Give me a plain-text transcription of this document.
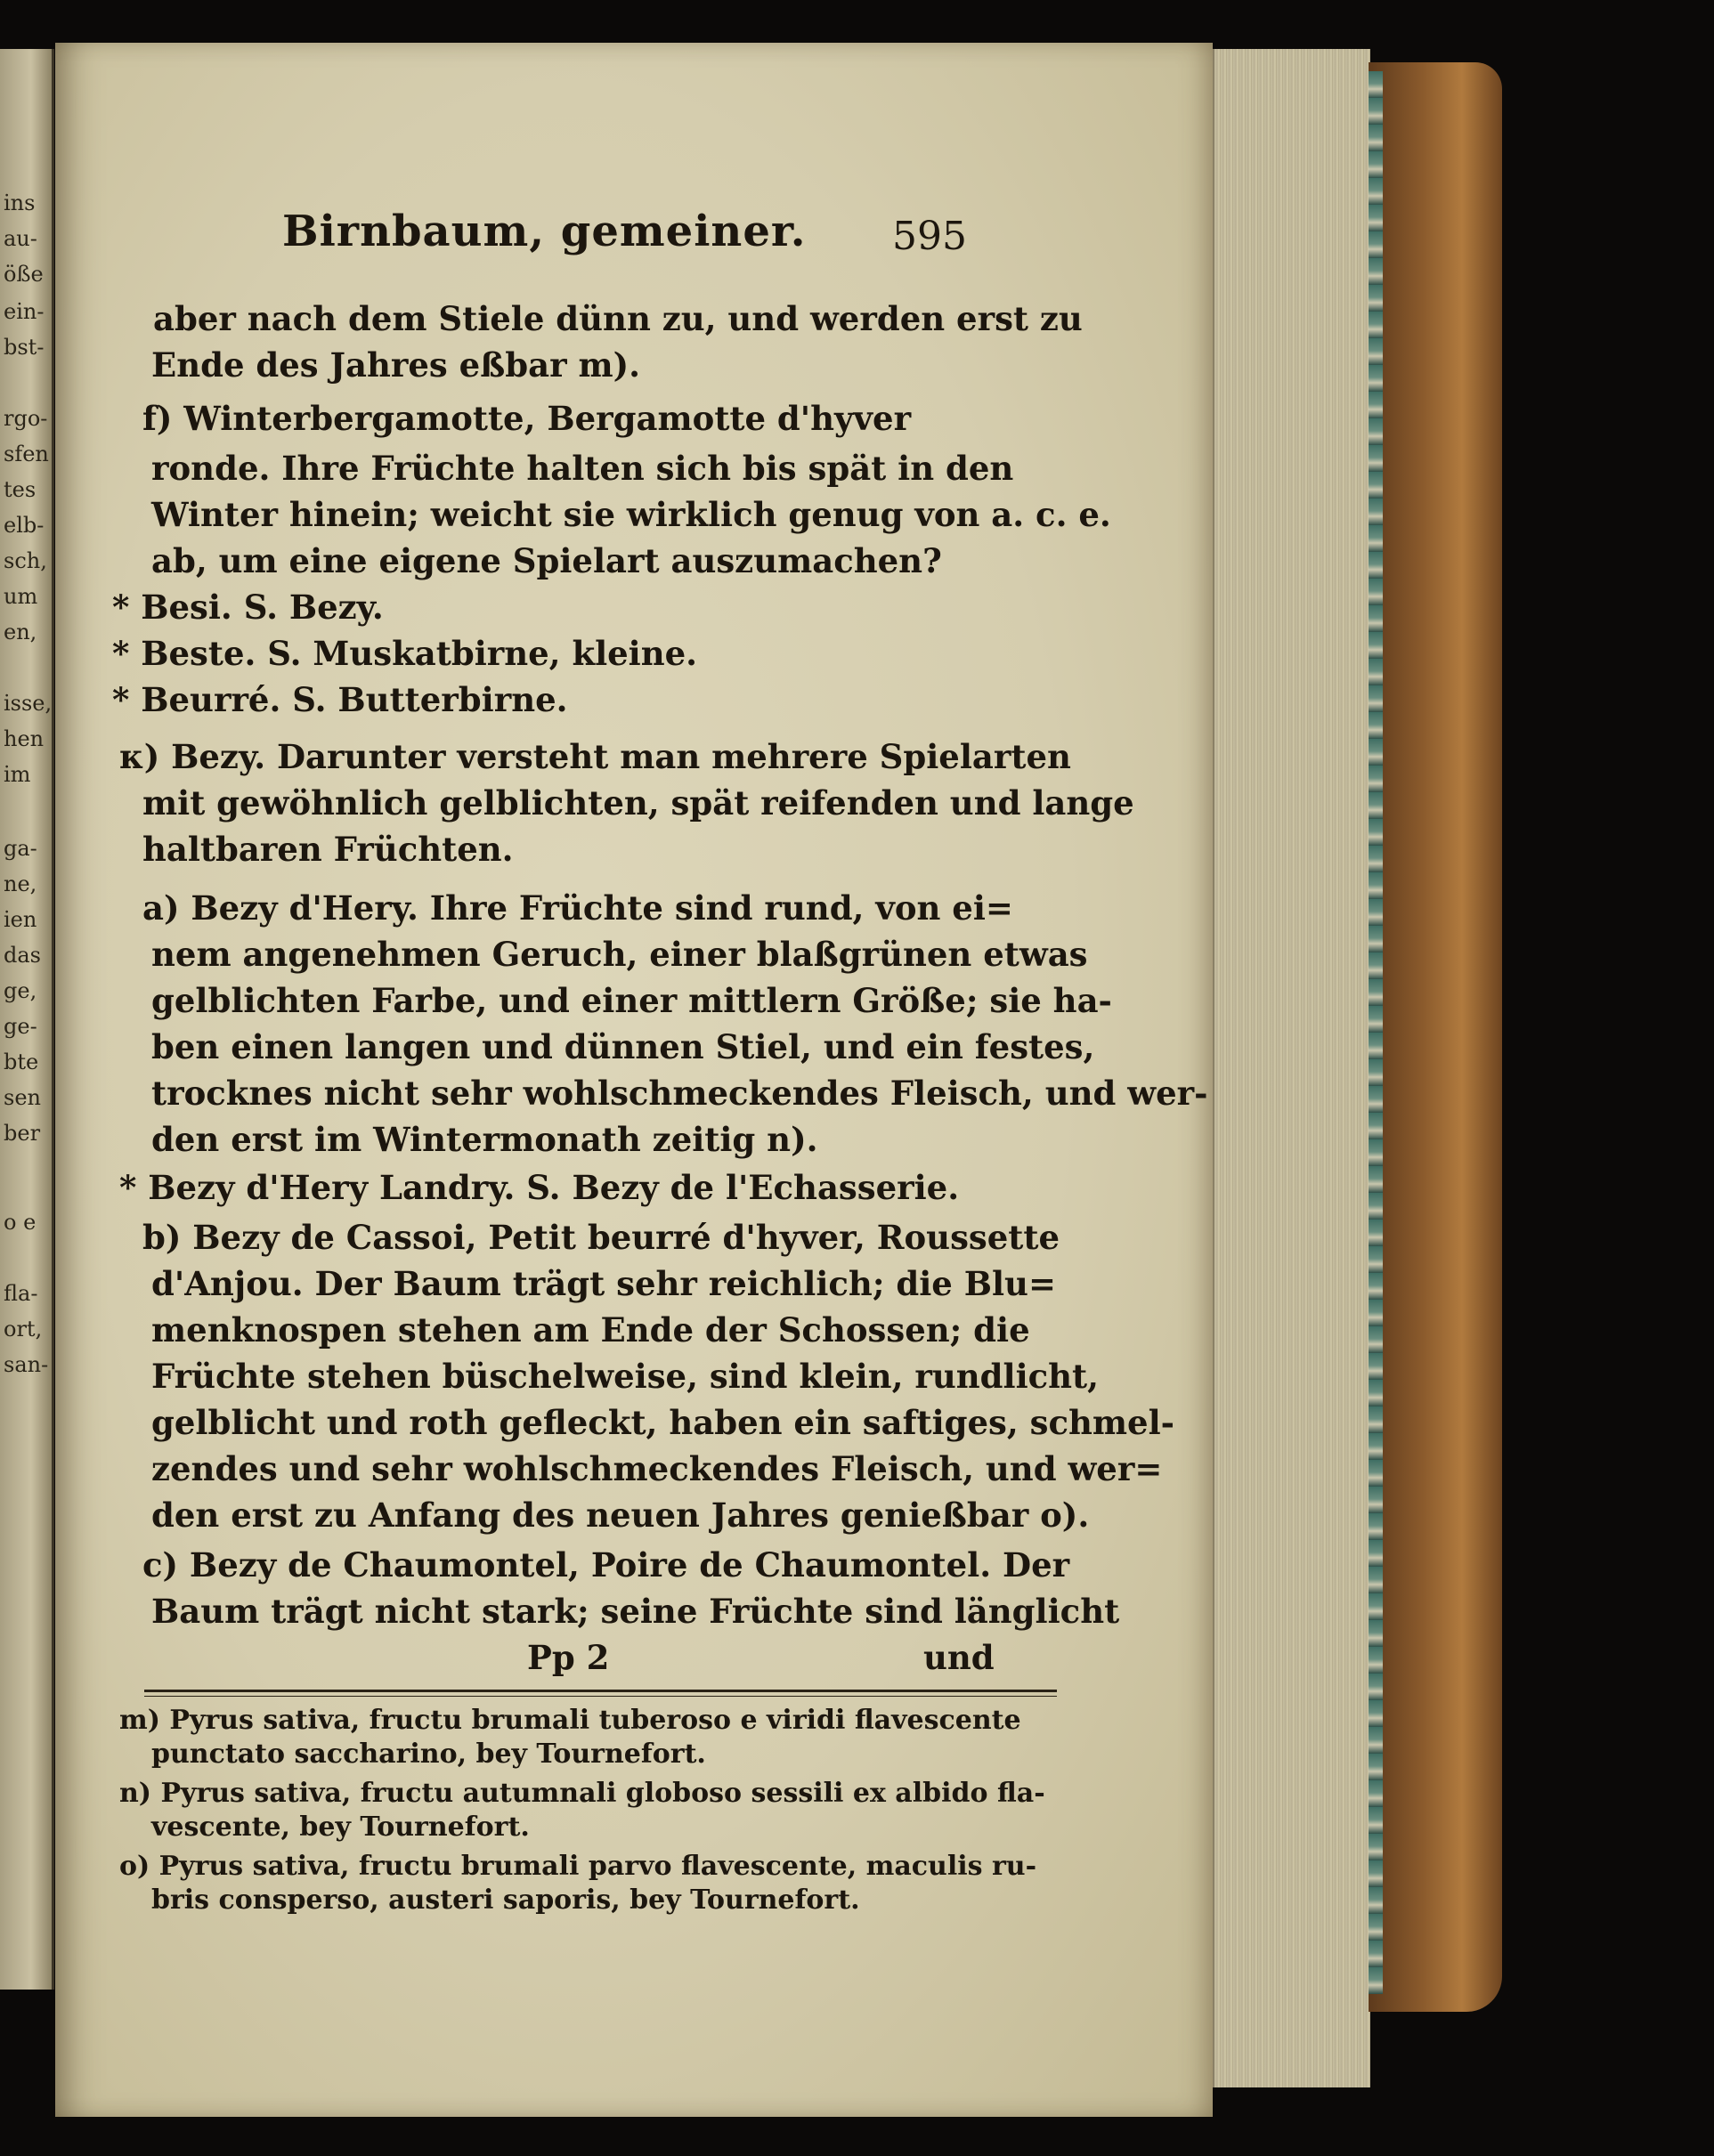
ins
au-
öße
ein-
bst-
rgo-
sfen
tes
elb-
sch,
um
en,
isse,
hen
im
ga-
ne,
ien
das
ge,
ge-
bte
sen
ber
o e
fla-
ort,
san-
Birnbaum, gemeiner. 595
aber nach dem Stiele dünn zu, und werden erst zu
Ende des Jahres eßbar m).
f) Winterbergamotte, Bergamotte d'hyver
ronde. Ihre Früchte halten sich bis spät in den
Winter hinein; weicht sie wirklich genug von a. c. e.
ab, um eine eigene Spielart auszumachen?
* Besi. S. Bezy.
* Beste. S. Muskatbirne, kleine.
* Beurré. S. Butterbirne.
κ) Bezy. Darunter versteht man mehrere Spielarten
mit gewöhnlich gelblichten, spät reifenden und lange
haltbaren Früchten.
a) Bezy d'Hery. Ihre Früchte sind rund, von ei=
nem angenehmen Geruch, einer blaßgrünen etwas
gelblichten Farbe, und einer mittlern Größe; sie ha-
ben einen langen und dünnen Stiel, und ein festes,
trocknes nicht sehr wohlschmeckendes Fleisch, und wer-
den erst im Wintermonath zeitig n).
* Bezy d'Hery Landry. S. Bezy de l'Echasserie.
b) Bezy de Cassoi, Petit beurré d'hyver, Roussette
d'Anjou. Der Baum trägt sehr reichlich; die Blu=
menknospen stehen am Ende der Schossen; die
Früchte stehen büschelweise, sind klein, rundlicht,
gelblicht und roth gefleckt, haben ein saftiges, schmel-
zendes und sehr wohlschmeckendes Fleisch, und wer=
den erst zu Anfang des neuen Jahres genießbar o).
c) Bezy de Chaumontel, Poire de Chaumontel. Der
Baum trägt nicht stark; seine Früchte sind länglicht
Pp 2	und
m) Pyrus sativa, fructu brumali tuberoso e viridi flavescente
punctato saccharino, bey Tournefort.
n) Pyrus sativa, fructu autumnali globoso sessili ex albido fla-
vescente, bey Tournefort.
o) Pyrus sativa, fructu brumali parvo flavescente, maculis ru-
bris conspersо, austeri saporis, bey Tournefort.
